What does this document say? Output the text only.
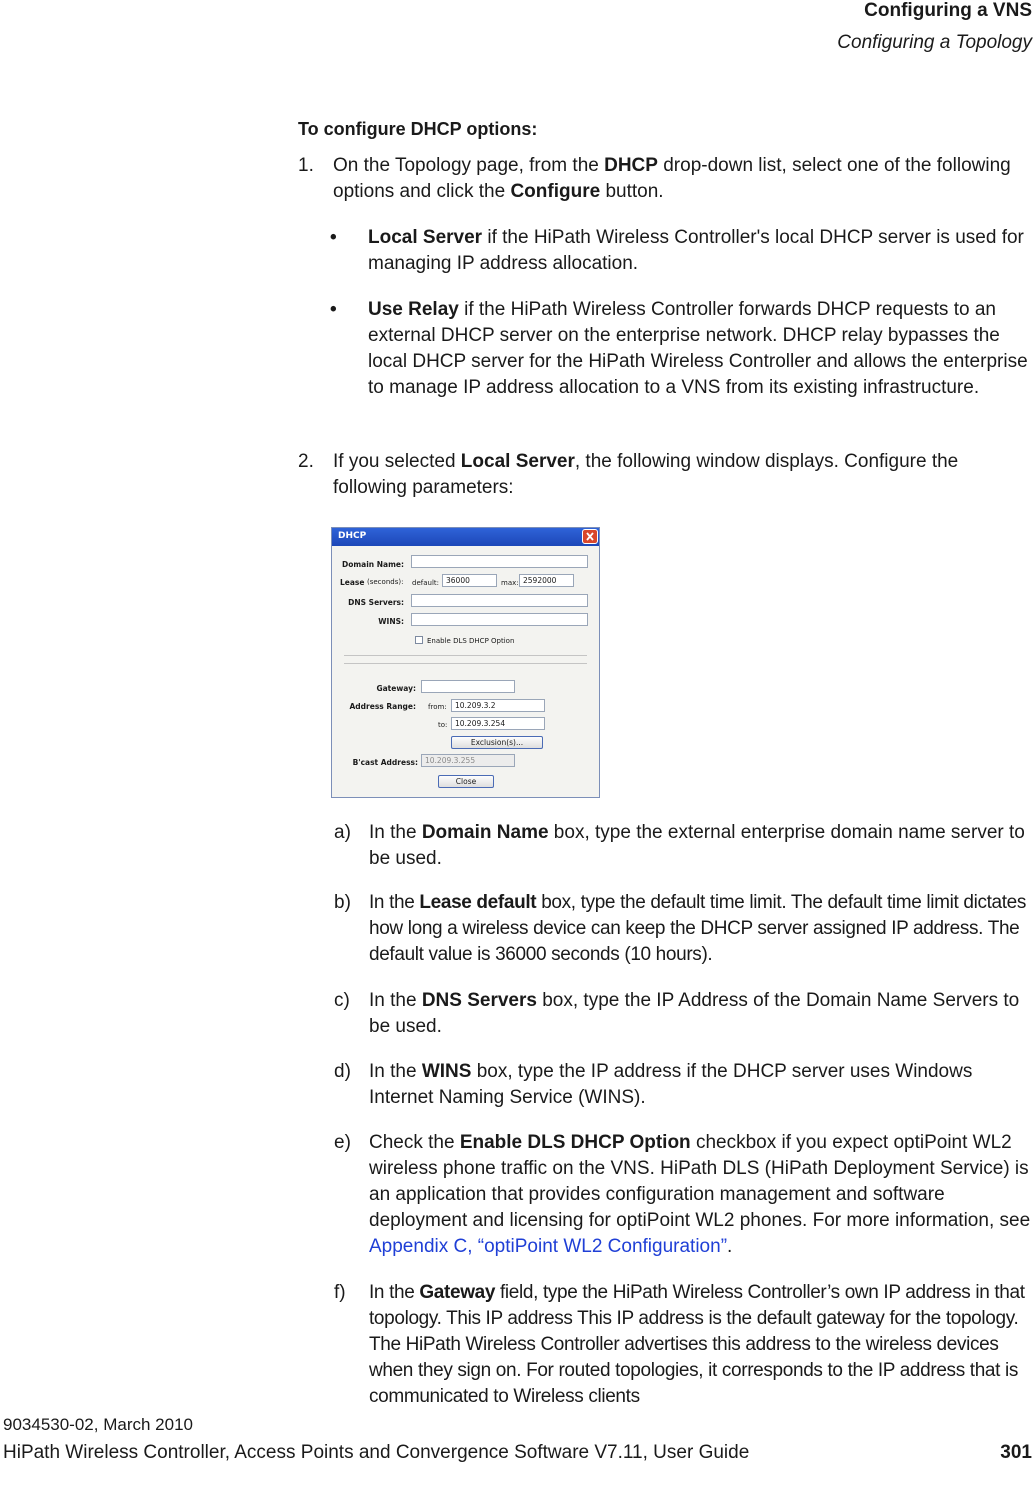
Configuring a VNS
Configuring a Topology
To configure DHCP options:
1. On the Topology page, from the DHCP drop-down list, select one of the following options and click the Configure button.
• Local Server if the HiPath Wireless Controller's local DHCP server is used for managing IP address allocation.
• Use Relay if the HiPath Wireless Controller forwards DHCP requests to an external DHCP server on the enterprise network. DHCP relay bypasses the local DHCP server for the HiPath Wireless Controller and allows the enterprise to manage IP address allocation to a VNS from its existing infrastructure.
2. If you selected Local Server, the following window displays. Configure the following parameters:
DHCP
Domain Name:
Lease (seconds): default: 36000	max: 2592000
DNS Servers:
WINS:
Enable DLS DHCP Option
Gateway:
Address Range: from:	10.209.3.2
to:	10.209.3.254
Exclusion(s)...
B'cast Address: 10.209.3.255
Close
a) In the Domain Name box, type the external enterprise domain name server to be used.
b) In the Lease default box, type the default time limit. The default time limit dictates how long a wireless device can keep the DHCP server assigned IP address. The default value is 36000 seconds (10 hours).
c) In the DNS Servers box, type the IP Address of the Domain Name Servers to be used.
d) In the WINS box, type the IP address if the DHCP server uses Windows Internet Naming Service (WINS).
e) Check the Enable DLS DHCP Option checkbox if you expect optiPoint WL2 wireless phone traffic on the VNS. HiPath DLS (HiPath Deployment Service) is an application that provides configuration management and software deployment and licensing for optiPoint WL2 phones. For more information, see Appendix C, “optiPoint WL2 Configuration”.
f) In the Gateway field, type the HiPath Wireless Controller’s own IP address in that topology. This IP address This IP address is the default gateway for the topology. The HiPath Wireless Controller advertises this address to the wireless devices when they sign on. For routed topologies, it corresponds to the IP address that is communicated to Wireless clients
9034530-02, March 2010
HiPath Wireless Controller, Access Points and Convergence Software V7.11, User Guide	301
